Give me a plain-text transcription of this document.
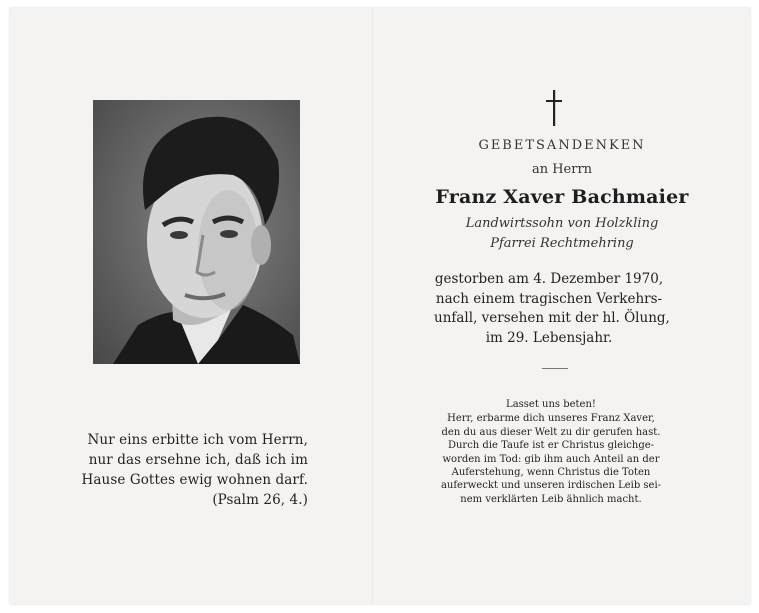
Nur eins erbitte ich vom Herrn,
nur das ersehne ich, daß ich im
Hause Gottes ewig wohnen darf.
(Psalm 26, 4.)
GEBETSANDENKEN
an Herrn
Franz Xaver Bachmaier
Landwirtssohn von Holzkling
Pfarrei Rechtmehring
gestorben am 4. Dezember 1970,
nach einem tragischen Verkehrs-
unfall, versehen mit der hl. Ölung,
im 29. Lebensjahr.
Lasset uns beten!
Herr, erbarme dich unseres Franz Xaver,
den du aus dieser Welt zu dir gerufen hast.
Durch die Taufe ist er Christus gleichge-
worden im Tod: gib ihm auch Anteil an der
Auferstehung, wenn Christus die Toten
auferweckt und unseren irdischen Leib sei-
nem verklärten Leib ähnlich macht.
